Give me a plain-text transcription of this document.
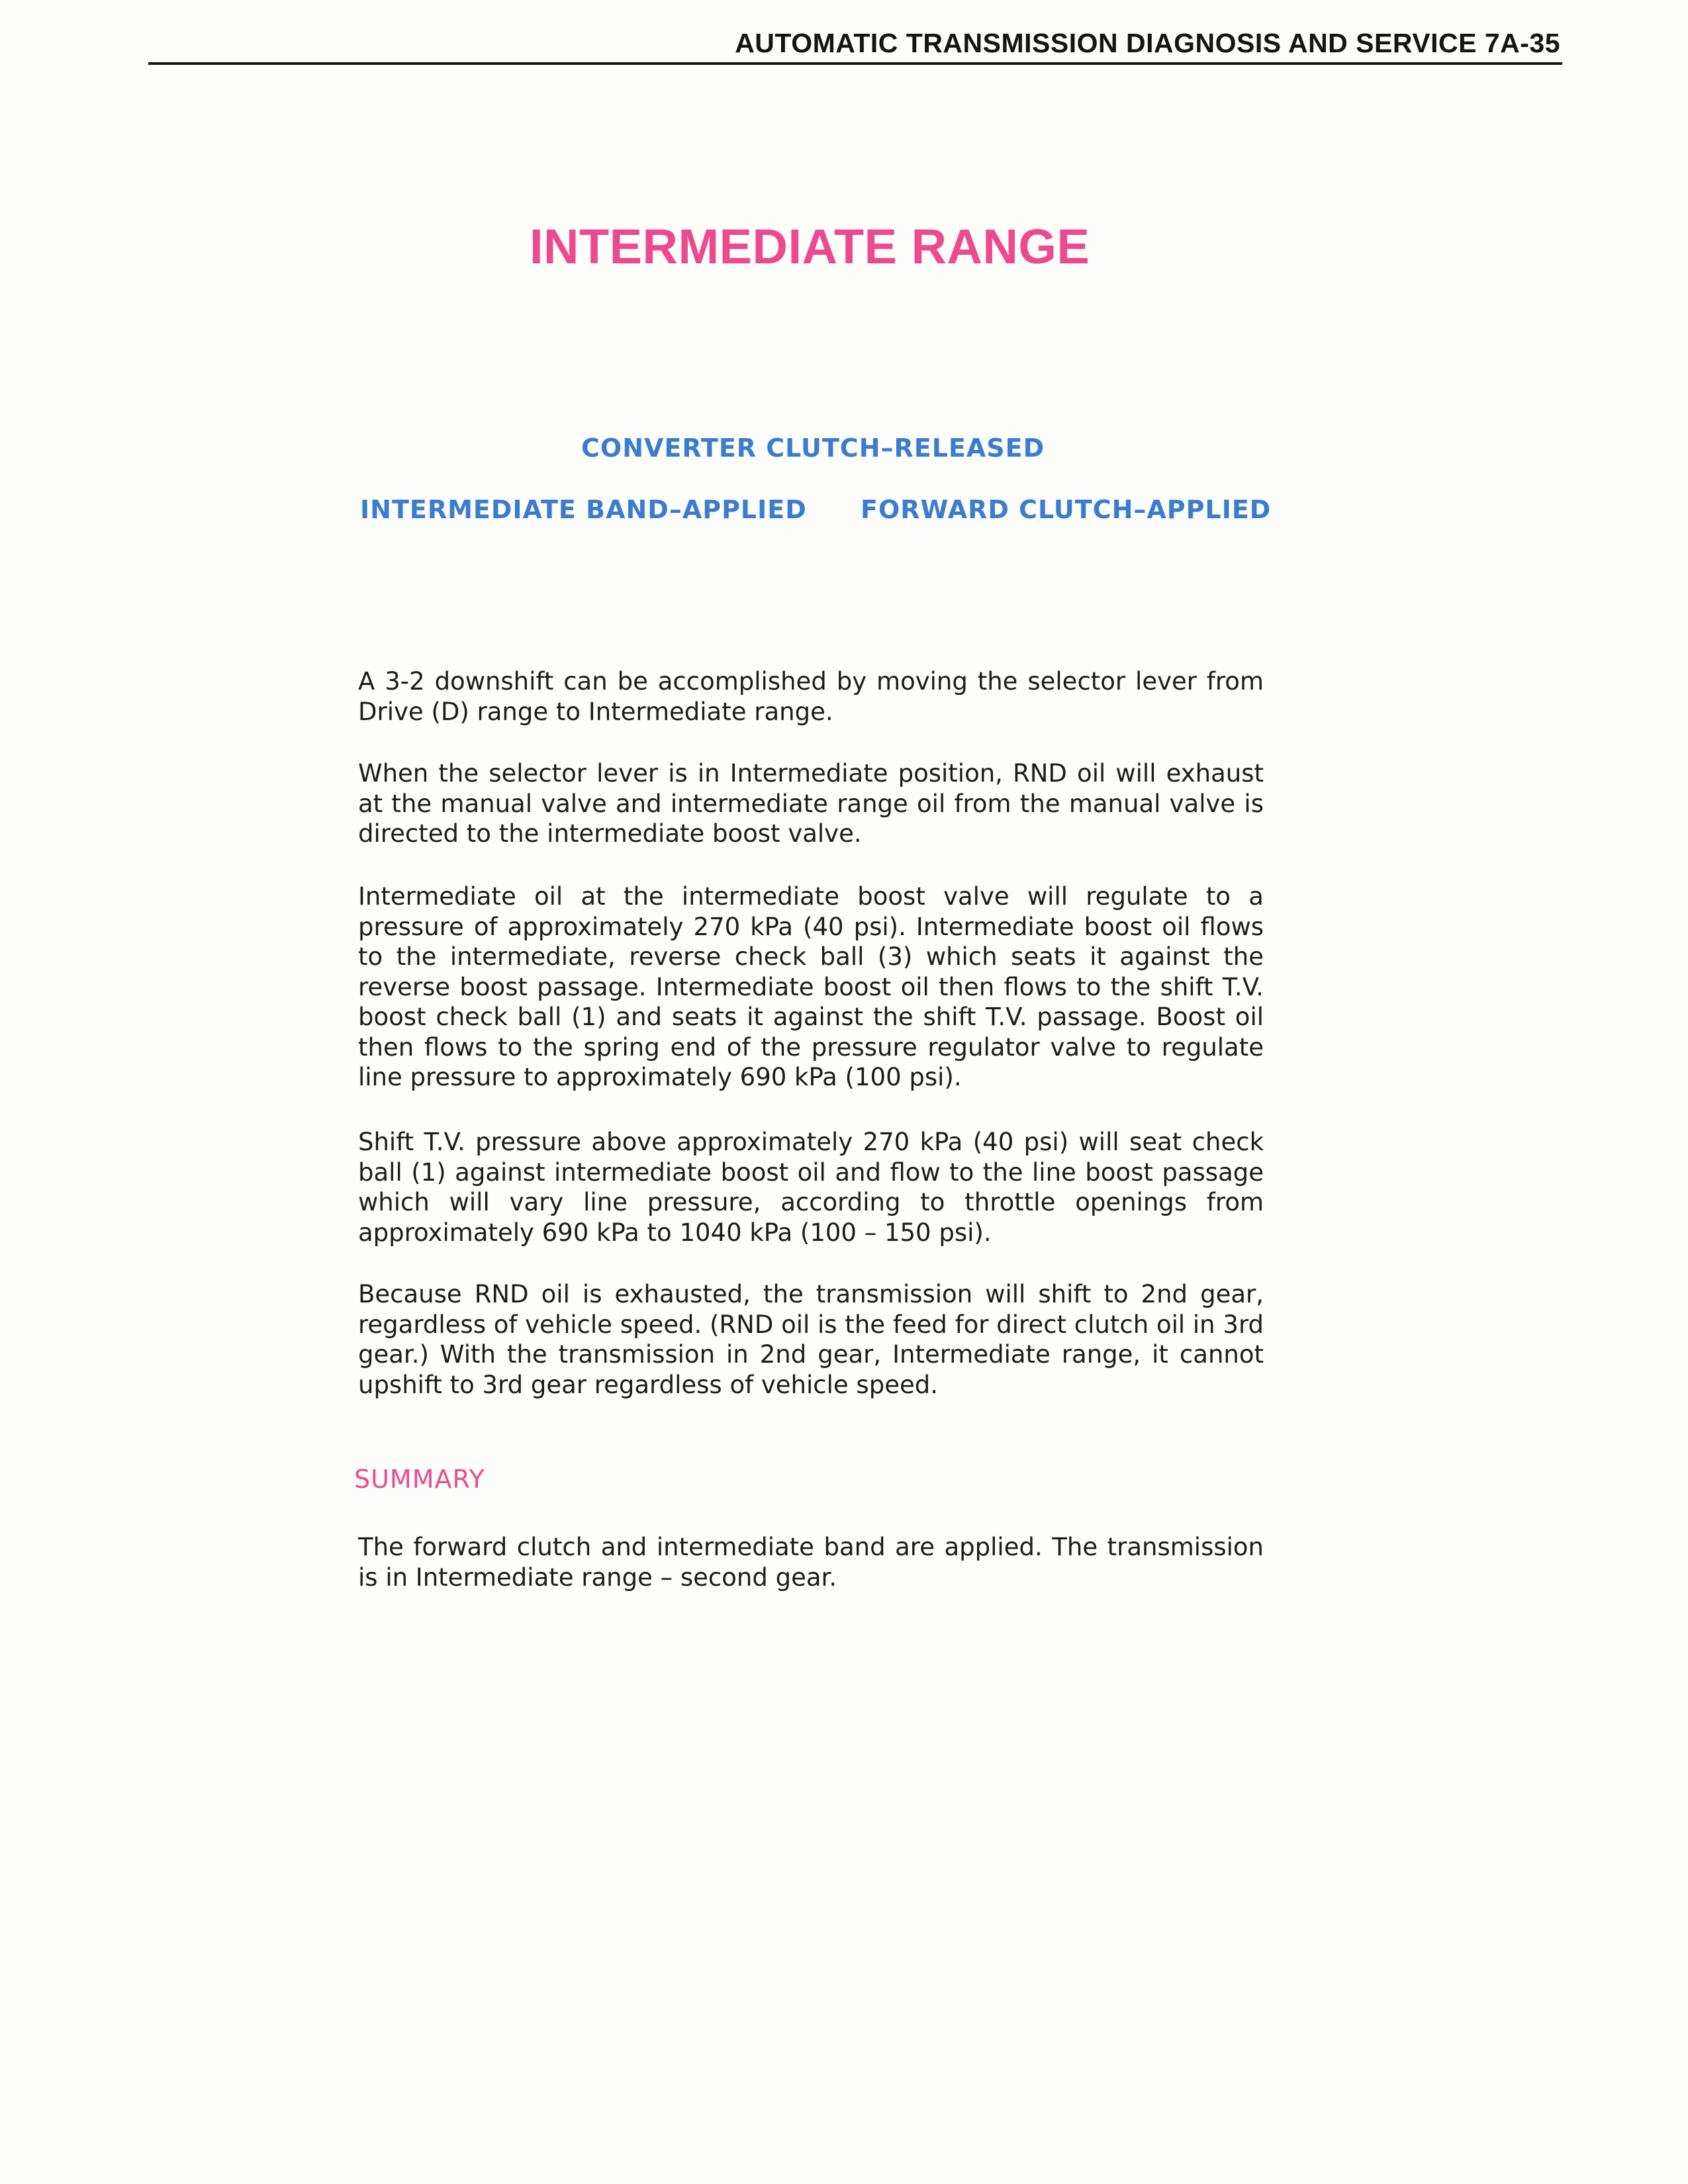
AUTOMATIC TRANSMISSION DIAGNOSIS AND SERVICE 7A-35
INTERMEDIATE RANGE
CONVERTER CLUTCH–RELEASED
INTERMEDIATE BAND–APPLIED FORWARD CLUTCH–APPLIED

A 3-2 downshift can be accomplished by moving the selector lever from Drive (D) range to Intermediate range.

When the selector lever is in Intermediate position, RND oil will exhaust at the manual valve and intermediate range oil from the manual valve is directed to the intermediate boost valve.

Intermediate oil at the intermediate boost valve will regulate to a pressure of approximately 270 kPa (40 psi). Intermediate boost oil flows to the intermediate, reverse check ball (3) which seats it against the reverse boost passage. Intermediate boost oil then flows to the shift T.V. boost check ball (1) and seats it against the shift T.V. passage. Boost oil then flows to the spring end of the pressure regulator valve to regulate line pressure to approximately 690 kPa (100 psi).

Shift T.V. pressure above approximately 270 kPa (40 psi) will seat check ball (1) against intermediate boost oil and flow to the line boost passage which will vary line pressure, according to throttle openings from approximately 690 kPa to 1040 kPa (100 – 150 psi).

Because RND oil is exhausted, the transmission will shift to 2nd gear, regardless of vehicle speed. (RND oil is the feed for direct clutch oil in 3rd gear.) With the transmission in 2nd gear, Intermediate range, it cannot upshift to 3rd gear regardless of vehicle speed.

SUMMARY

The forward clutch and intermediate band are applied. The transmission is in Intermediate range – second gear.
